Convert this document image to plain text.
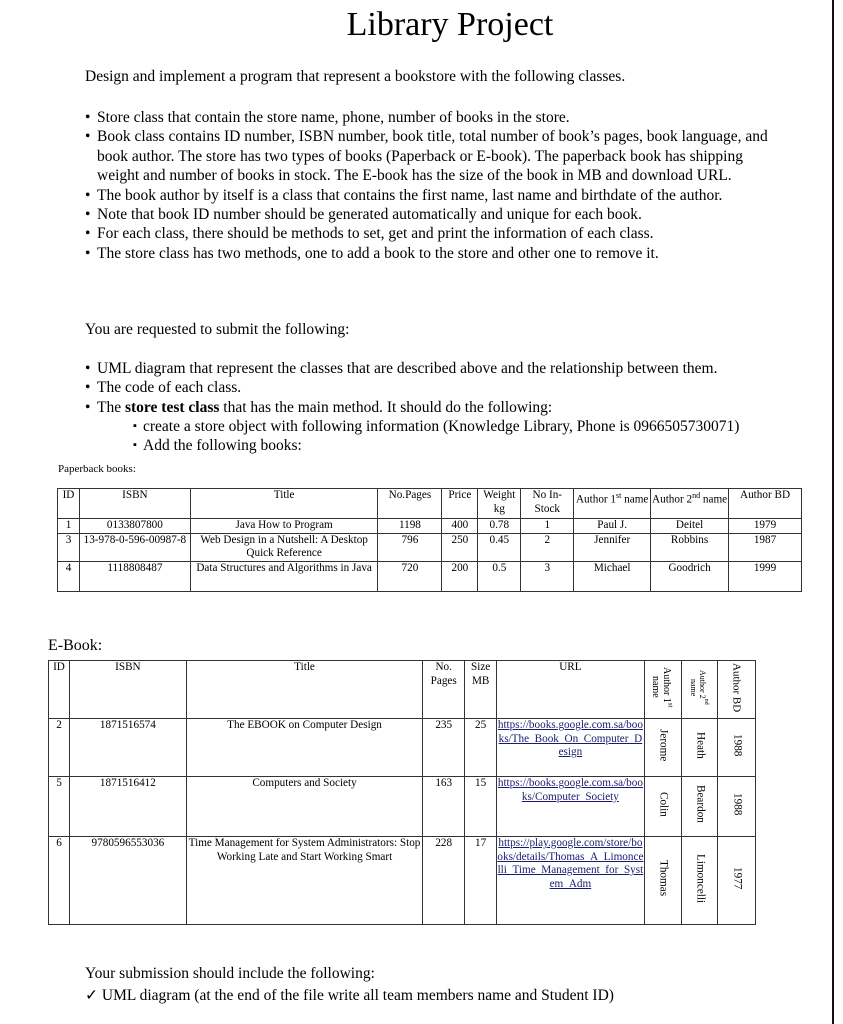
Library Project

Design and implement a program that represent a bookstore with the following classes.

• Store class that contain the store name, phone, number of books in the store.
• Book class contains ID number, ISBN number, book title, total number of book’s pages, book language, and book author. The store has two types of books (Paperback or E-book). The paperback book has shipping weight and number of books in stock. The E-book has the size of the book in MB and download URL.
• The book author by itself is a class that contains the first name, last name and birthdate of the author.
• Note that book ID number should be generated automatically and unique for each book.
• For each class, there should be methods to set, get and print the information of each class.
• The store class has two methods, one to add a book to the store and other one to remove it.

You are requested to submit the following:

• UML diagram that represent the classes that are described above and the relationship between them.
• The code of each class.
• The store test class that has the main method. It should do the following:
▪ create a store object with following information (Knowledge Library, Phone is 0966505730071)
▪ Add the following books:
Paperback books:
ID	ISBN	Title	No.Pages	Price	Weight kg	No In-Stock	Author 1st name	Author 2nd name	Author BD
1	0133807800	Java How to Program	1198	400	0.78	1	Paul J.	Deitel	1979
3	13-978-0-596-00987-8	Web Design in a Nutshell: A Desktop Quick Reference	796	250	0.45	2	Jennifer	Robbins	1987
4	1118808487	Data Structures and Algorithms in Java	720	200	0.5	3	Michael	Goodrich	1999
E-Book:
ID	ISBN	Title	No. Pages	Size MB	URL	Author 1st name	Author 2nd name	Author BD
2	1871516574	The EBOOK on Computer Design	235	25	https://books.google.com.sa/books/The_Book_On_Computer_Design	Jerome	Heath	1988
5	1871516412	Computers and Society	163	15	https://books.google.com.sa/books/Computer_Society	Colin	Beardon	1988
6	9780596553036	Time Management for System Administrators: Stop Working Late and Start Working Smart	228	17	https://play.google.com/store/books/details/Thomas_A_Limoncelli_Time_Management_for_System_Adm	Thomas	Limoncelli	1977

Your submission should include the following:

✓ UML diagram (at the end of the file write all team members name and Student ID)
